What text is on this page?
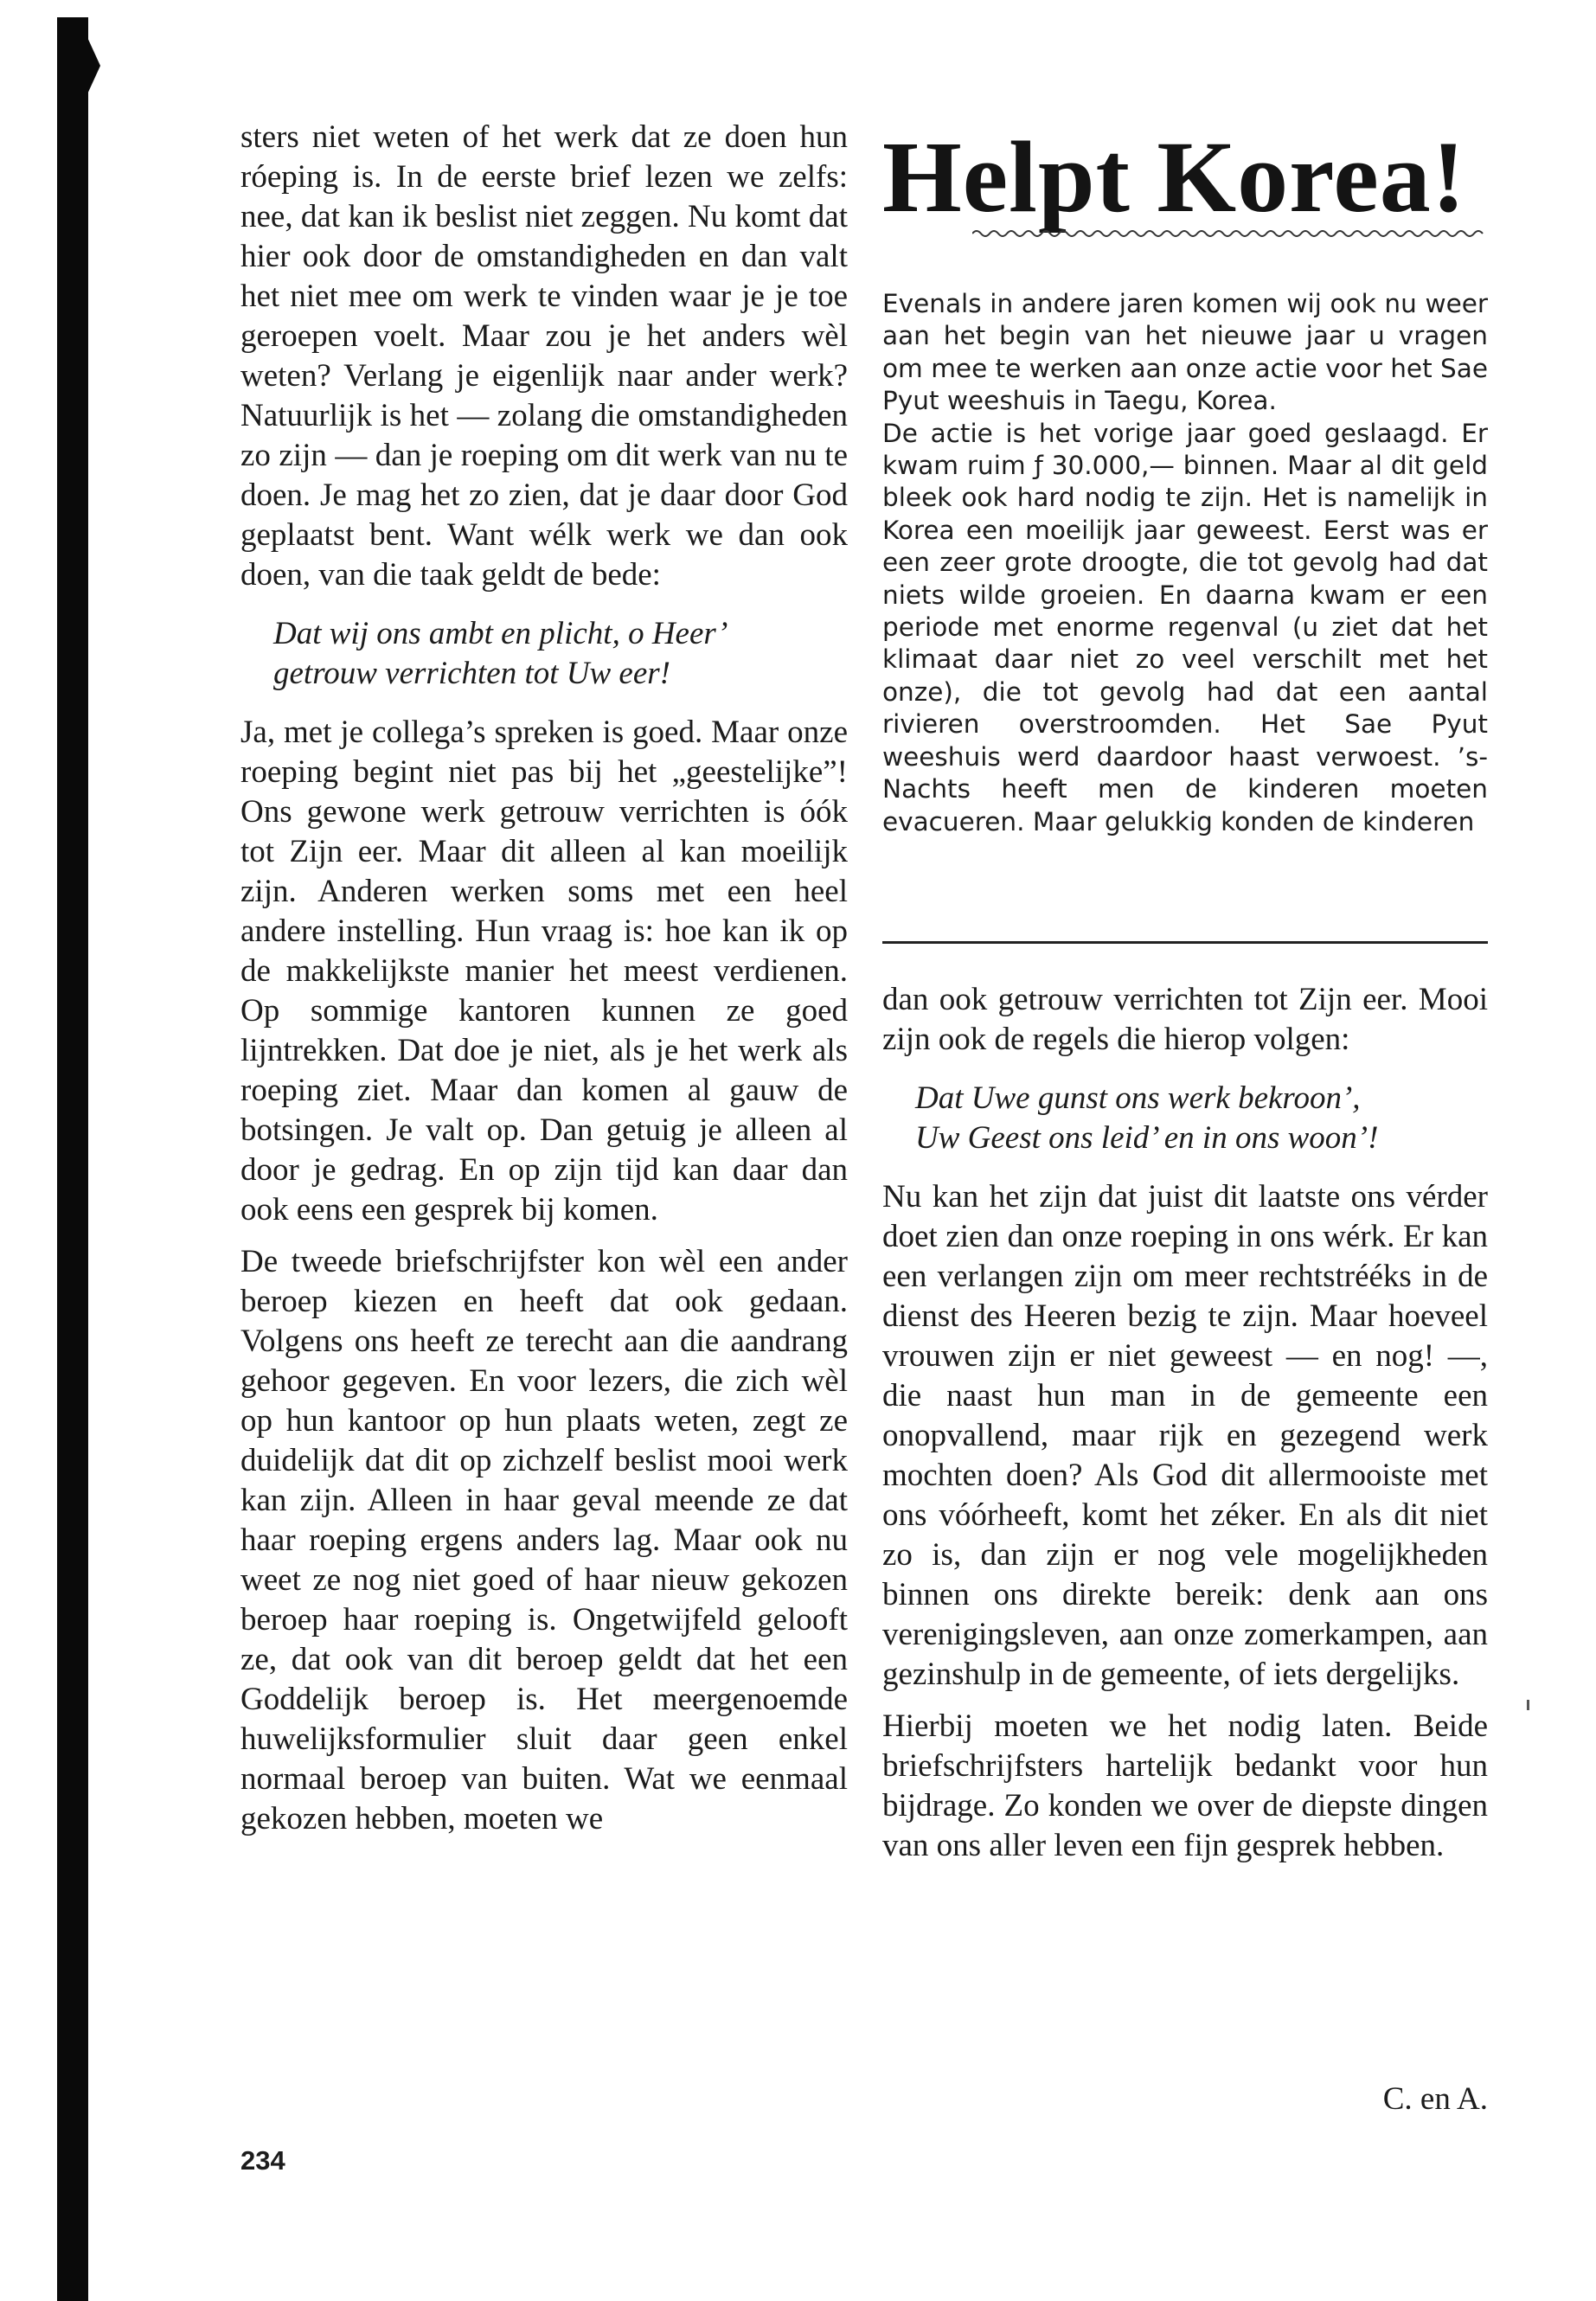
sters niet weten of het werk dat ze doen hun róeping is. In de eerste brief lezen we zelfs: nee, dat kan ik beslist niet zeggen. Nu komt dat hier ook door de omstandigheden en dan valt het niet mee om werk te vinden waar je je toe geroepen voelt. Maar zou je het anders wèl weten? Verlang je eigenlijk naar ander werk? Natuurlijk is het — zolang die omstandigheden zo zijn — dan je roeping om dit werk van nu te doen. Je mag het zo zien, dat je daar door God geplaatst bent. Want wélk werk we dan ook doen, van die taak geldt de bede:

Dat wij ons ambt en plicht, o Heer’
getrouw verrichten tot Uw eer!

Ja, met je collega’s spreken is goed. Maar onze roeping begint niet pas bij het „geestelijke”! Ons gewone werk getrouw verrichten is óók tot Zijn eer. Maar dit alleen al kan moeilijk zijn. Anderen werken soms met een heel andere instelling. Hun vraag is: hoe kan ik op de makkelijkste manier het meest verdienen. Op sommige kantoren kunnen ze goed lijntrekken. Dat doe je niet, als je het werk als roeping ziet. Maar dan komen al gauw de botsingen. Je valt op. Dan getuig je alleen al door je gedrag. En op zijn tijd kan daar dan ook eens een gesprek bij komen.

De tweede briefschrijfster kon wèl een ander beroep kiezen en heeft dat ook gedaan. Volgens ons heeft ze terecht aan die aandrang gehoor gegeven. En voor lezers, die zich wèl op hun kantoor op hun plaats weten, zegt ze duidelijk dat dit op zichzelf beslist mooi werk kan zijn. Alleen in haar geval meende ze dat haar roeping ergens anders lag. Maar ook nu weet ze nog niet goed of haar nieuw gekozen beroep haar roeping is. Ongetwijfeld gelooft ze, dat ook van dit beroep geldt dat het een Goddelijk beroep is. Het meergenoemde huwelijksformulier sluit daar geen enkel normaal beroep van buiten. Wat we eenmaal gekozen hebben, moeten we

Helpt Korea!

Evenals in andere jaren komen wij ook nu weer aan het begin van het nieuwe jaar u vragen om mee te werken aan onze actie voor het Sae Pyut weeshuis in Taegu, Korea.

De actie is het vorige jaar goed geslaagd. Er kwam ruim ƒ 30.000,— binnen. Maar al dit geld bleek ook hard nodig te zijn. Het is namelijk in Korea een moeilijk jaar geweest. Eerst was er een zeer grote droogte, die tot gevolg had dat niets wilde groeien. En daarna kwam er een periode met enorme regenval (u ziet dat het klimaat daar niet zo veel verschilt met het onze), die tot gevolg had dat een aantal rivieren overstroomden. Het Sae Pyut weeshuis werd daardoor haast verwoest. ’s-Nachts heeft men de kinderen moeten evacueren. Maar gelukkig konden de kinderen

dan ook getrouw verrichten tot Zijn eer. Mooi zijn ook de regels die hierop volgen:

Dat Uwe gunst ons werk bekroon’,
Uw Geest ons leid’ en in ons woon’!

Nu kan het zijn dat juist dit laatste ons vérder doet zien dan onze roeping in ons wérk. Er kan een verlangen zijn om meer rechtstrééks in de dienst des Heeren bezig te zijn. Maar hoeveel vrouwen zijn er niet geweest — en nog! —, die naast hun man in de gemeente een onopvallend, maar rijk en gezegend werk mochten doen? Als God dit allermooiste met ons vóórheeft, komt het zéker. En als dit niet zo is, dan zijn er nog vele mogelijkheden binnen ons direkte bereik: denk aan ons verenigingsleven, aan onze zomerkampen, aan gezinshulp in de gemeente, of iets dergelijks.

Hierbij moeten we het nodig laten. Beide briefschrijfsters hartelijk bedankt voor hun bijdrage. Zo konden we over de diepste dingen van ons aller leven een fijn gesprek hebben.

C. en A.
234
